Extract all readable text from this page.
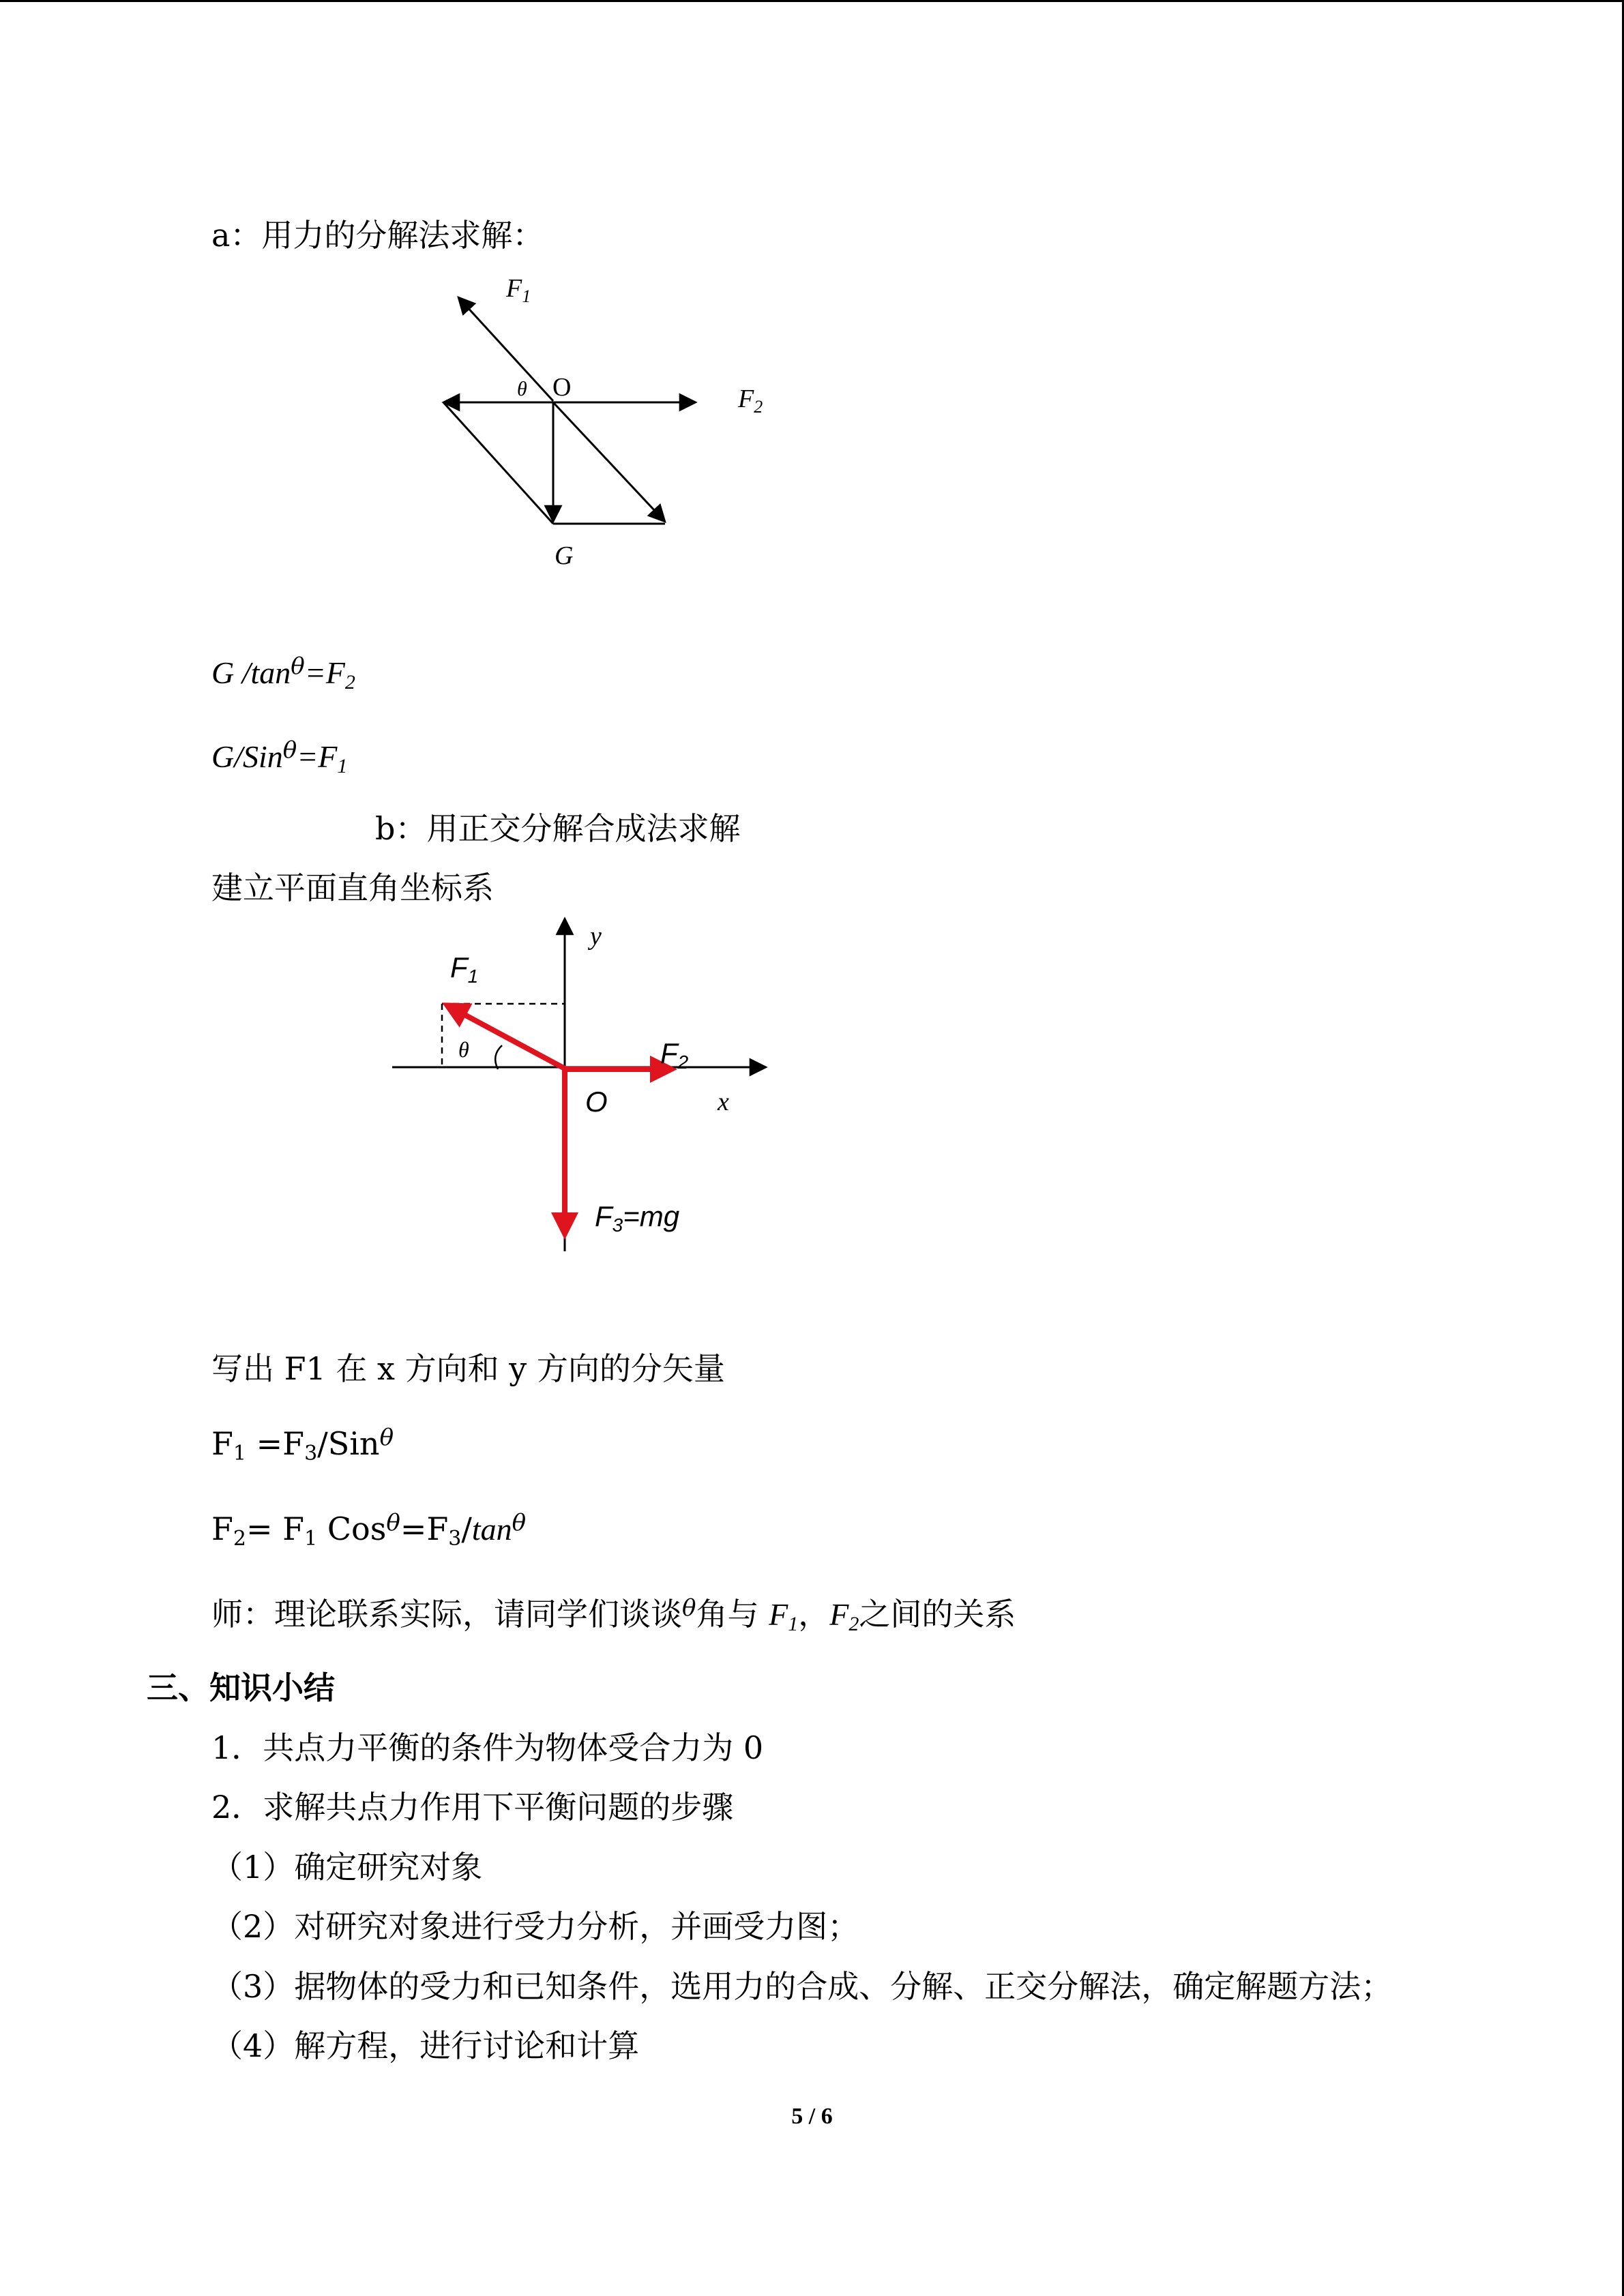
a：用力的分解法求解：
$F_1$
O
θ	$F_2$
G
G $/\tan^\theta=F_2$
$G/Sin^\theta=F_1$
b：用正交分解合成法求解
建立平面直角坐标系
y
x
O
F1
F2
F3=mg
θ
写出 F1 在 x 方向和 y 方向的分矢量
$F_1 =F_3/Sin^\theta$
$F_2= F_1$ $Cos^\theta=F_3/\tan^\theta$
师：理论联系实际，请同学们谈谈$^\theta$角与 $F_1$，$F_2$之间的关系
三、知识小结
1．共点力平衡的条件为物体受合力为 0
2．求解共点力作用下平衡问题的步骤
（1）确定研究对象
（2）对研究对象进行受力分析，并画受力图；
（3）据物体的受力和已知条件，选用力的合成、分解、正交分解法，确定解题方法；
（4）解方程，进行讨论和计算
5 / 6
